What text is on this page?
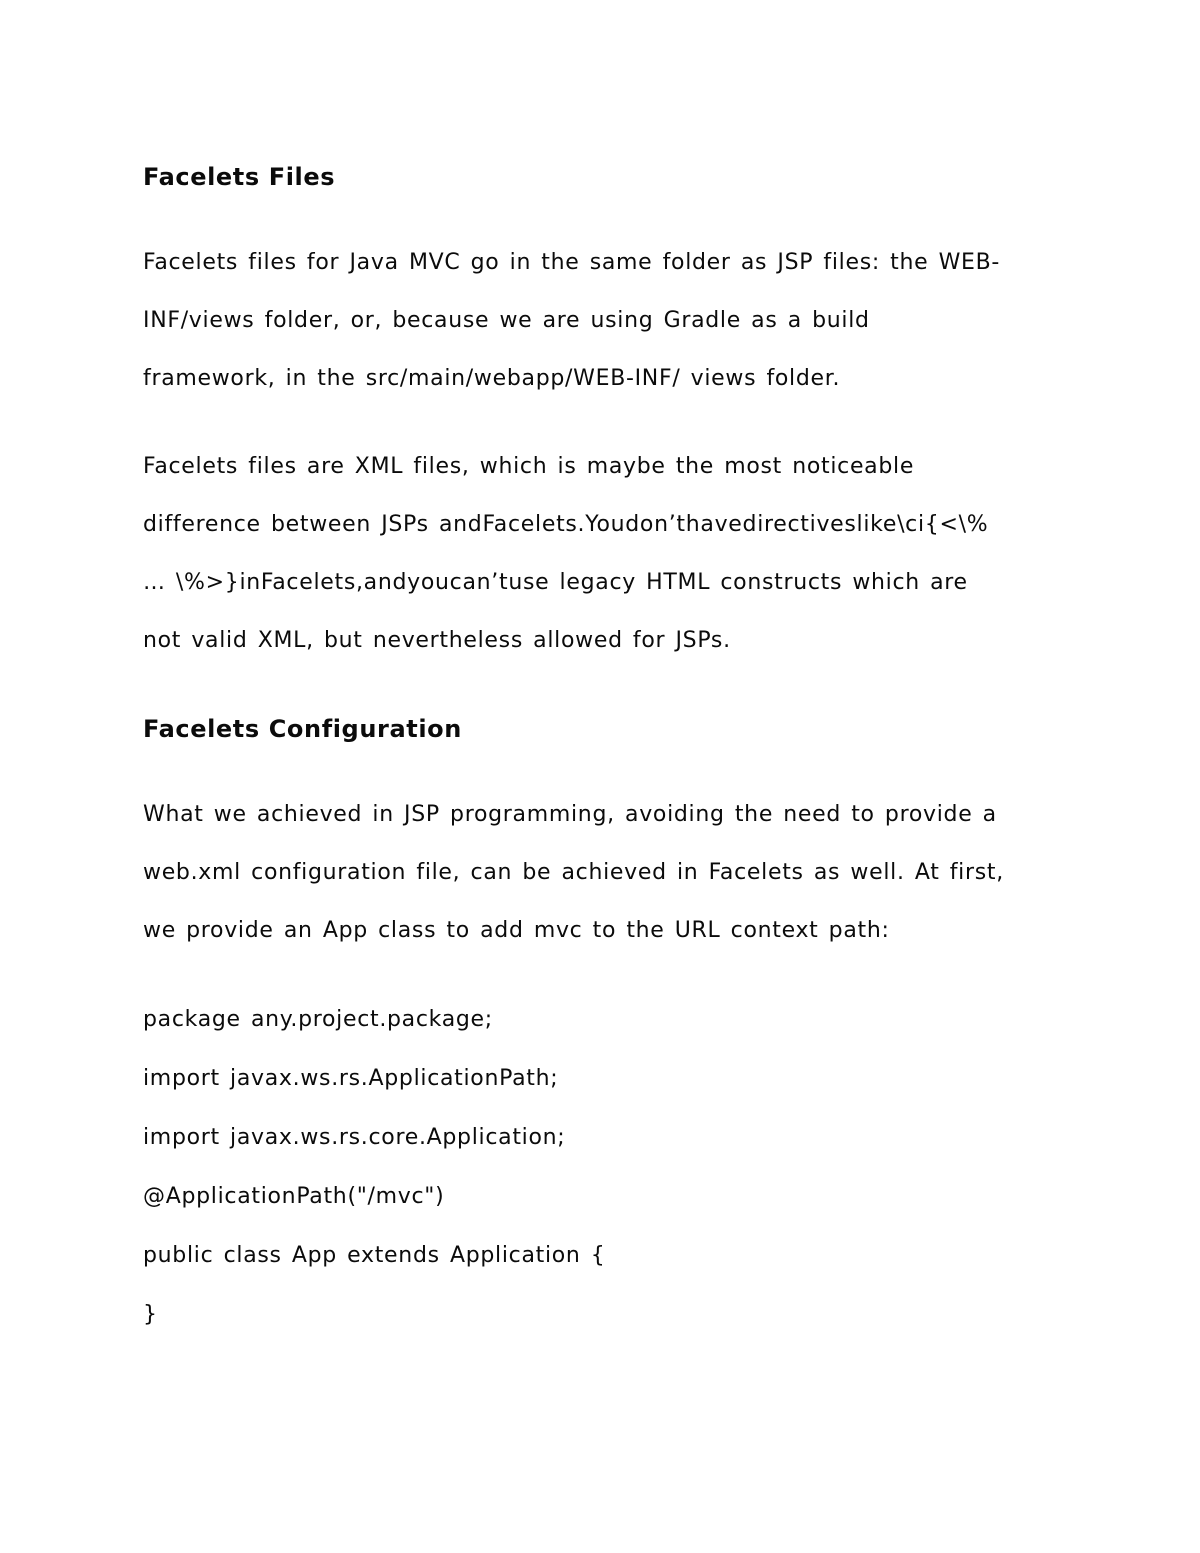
Facelets Files

Facelets files for Java MVC go in the same folder as JSP files: the WEB-
INF/views folder, or, because we are using Gradle as a build
framework, in the src/main/webapp/WEB-INF/ views folder.

Facelets files are XML files, which is maybe the most noticeable
difference between JSPs andFacelets.Youdon’thavedirectiveslike\ci{<\%
… \%>}inFacelets,andyoucan’tuse legacy HTML constructs which are
not valid XML, but nevertheless allowed for JSPs.

Facelets Configuration

What we achieved in JSP programming, avoiding the need to provide a
web.xml configuration file, can be achieved in Facelets as well. At first,
we provide an App class to add mvc to the URL context path:

package any.project.package;
import javax.ws.rs.ApplicationPath;
import javax.ws.rs.core.Application;
@ApplicationPath("/mvc")
public class App extends Application {
}
